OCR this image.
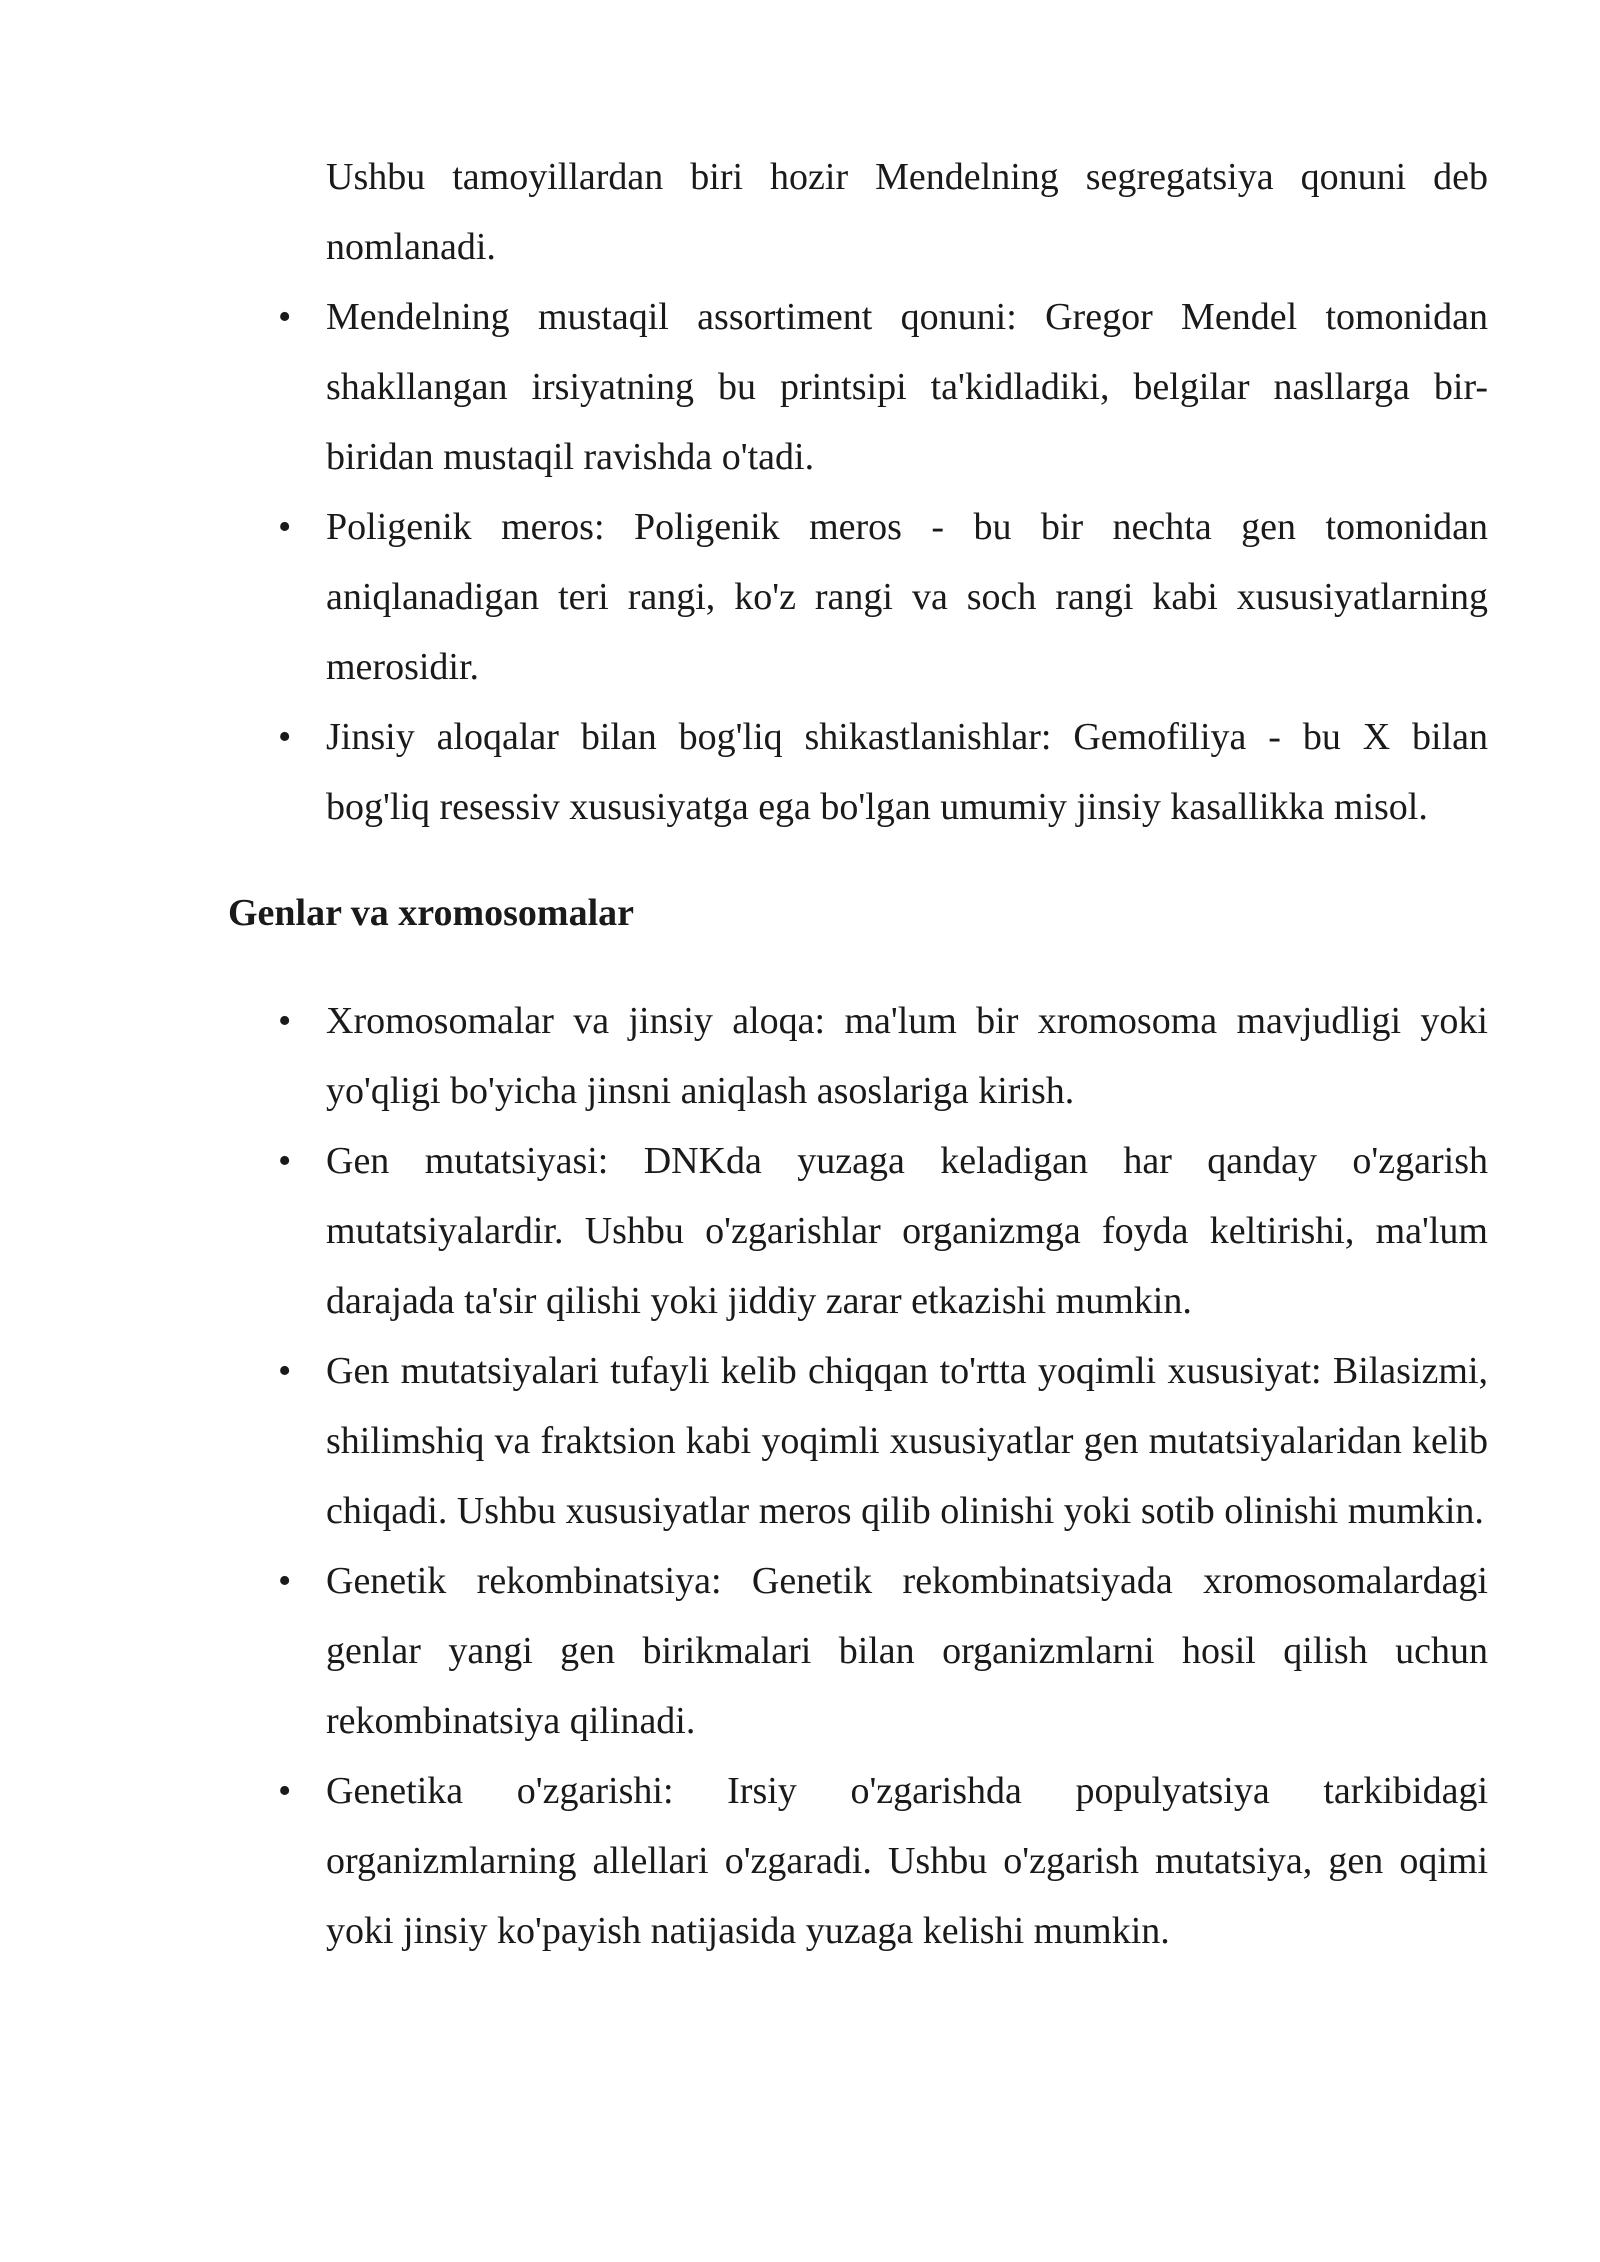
Ushbu tamoyillardan biri hozir Mendelning segregatsiya qonuni deb nomlanadi.

• Mendelning mustaqil assortiment qonuni: Gregor Mendel tomonidan shakllangan irsiyatning bu printsipi ta'kidladiki, belgilar nasllarga bir-biridan mustaqil ravishda o'tadi.
• Poligenik meros: Poligenik meros - bu bir nechta gen tomonidan aniqlanadigan teri rangi, ko'z rangi va soch rangi kabi xususiyatlarning merosidir.
• Jinsiy aloqalar bilan bog'liq shikastlanishlar: Gemofiliya - bu X bilan bog'liq resessiv xususiyatga ega bo'lgan umumiy jinsiy kasallikka misol.
Genlar va xromosomalar
• Xromosomalar va jinsiy aloqa: ma'lum bir xromosoma mavjudligi yoki yo'qligi bo'yicha jinsni aniqlash asoslariga kirish.
• Gen mutatsiyasi: DNKda yuzaga keladigan har qanday o'zgarish mutatsiyalardir. Ushbu o'zgarishlar organizmga foyda keltirishi, ma'lum darajada ta'sir qilishi yoki jiddiy zarar etkazishi mumkin.
• Gen mutatsiyalari tufayli kelib chiqqan to'rtta yoqimli xususiyat: Bilasizmi, shilimshiq va fraktsion kabi yoqimli xususiyatlar gen mutatsiyalaridan kelib chiqadi. Ushbu xususiyatlar meros qilib olinishi yoki sotib olinishi mumkin.
• Genetik rekombinatsiya: Genetik rekombinatsiyada xromosomalardagi genlar yangi gen birikmalari bilan organizmlarni hosil qilish uchun rekombinatsiya qilinadi.
• Genetika o'zgarishi: Irsiy o'zgarishda populyatsiya tarkibidagi organizmlarning allellari o'zgaradi. Ushbu o'zgarish mutatsiya, gen oqimi yoki jinsiy ko'payish natijasida yuzaga kelishi mumkin.
